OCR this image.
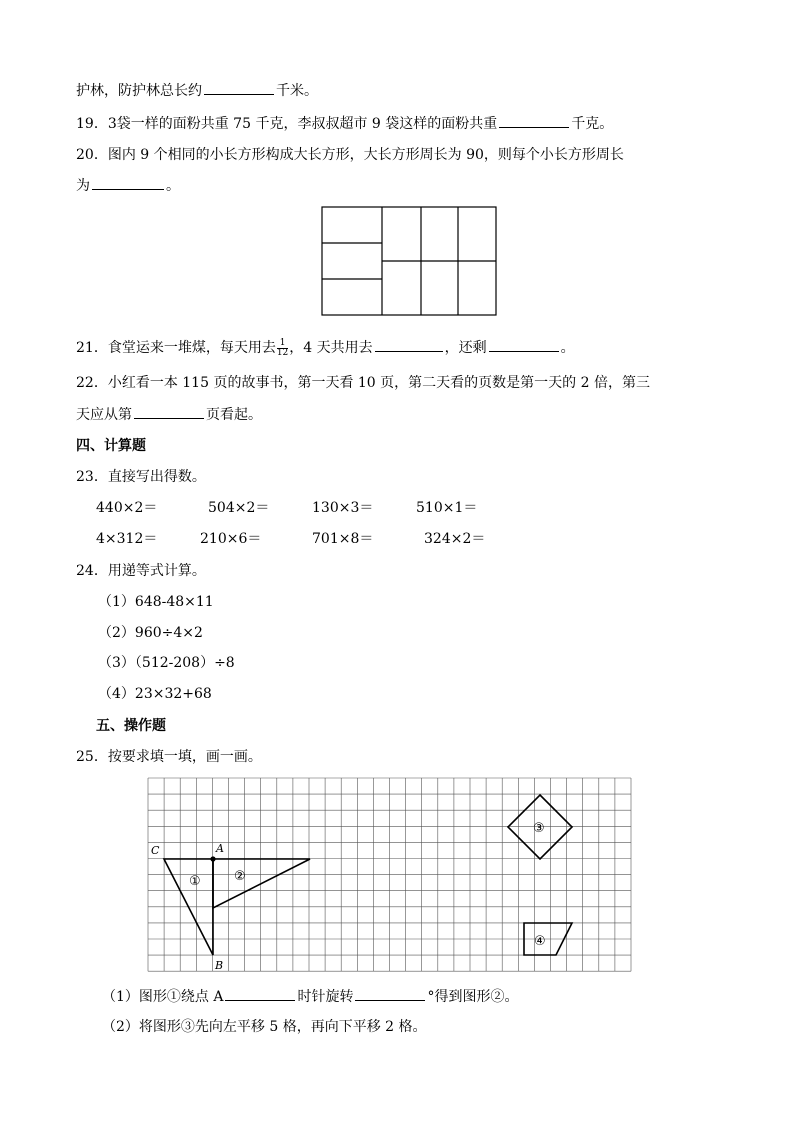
护林，防护林总长约	千米。
19．3袋一样的面粉共重 75 千克，李叔叔超市 9 袋这样的面粉共重	千克。
20．图内 9 个相同的小长方形构成大长方形，大长方形周长为 90，则每个小长方形周长
为	。
21．食堂运来一堆煤，每天用去 $\frac{1}{12}$ ，4 天共用去	，还剩	。
22．小红看一本 115 页的故事书，第一天看 10 页，第二天看的页数是第一天的 2 倍，第三
天应从第	页看起。
四、计算题
23．直接写出得数。
440×2＝	504×2＝	130×3＝	510×1＝
4×312＝	210×6＝	701×8＝	324×2＝
24．用递等式计算。
（1）648-48×11
（2）960÷4×2
（3）（512-208）÷8
（4）23×32+68
五、操作题
25．按要求填一填，画一画。
C	A
B
①	②
③
④
（1）图形①绕点 A	时针旋转	°得到图形②。
（2）将图形③先向左平移 5 格，再向下平移 2 格。
